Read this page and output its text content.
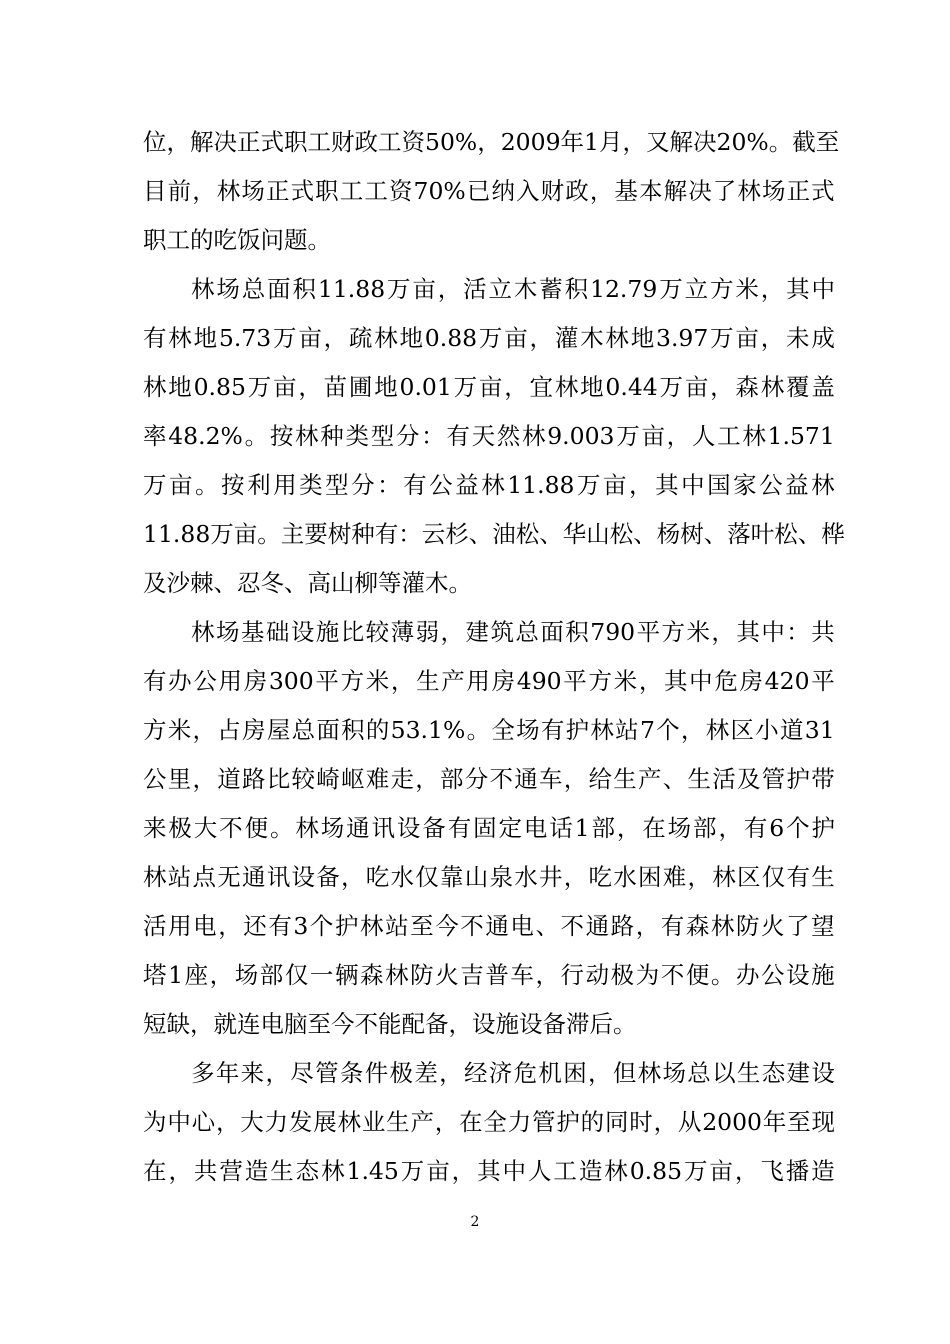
位 ， 解 决 正 式 职 工 财 政 工 资 50% ， 2009 年 1 月 ， 又 解 决 20% 。 截 至
目 前 ， 林 场 正 式 职 工 工 资 70% 已 纳 入 财 政 ， 基 本 解 决 了 林 场 正 式
职工的吃饭问题。
林 场 总 面 积 11.88 万 亩 ， 活 立 木 蓄 积 12.79 万 立 方 米 ， 其 中
有 林 地 5.73 万 亩 ， 疏 林 地 0.88 万 亩 ， 灌 木 林 地 3.97 万 亩 ， 未 成
林 地 0.85 万 亩 ， 苗 圃 地 0.01 万 亩 ， 宜 林 地 0.44 万 亩 ， 森 林 覆 盖
率 48.2% 。 按 林 种 类 型 分 ： 有 天 然 林 9.003 万 亩 ， 人 工 林 1.571
万 亩 。 按 利 用 类 型 分 ： 有 公 益 林 11.88 万 亩 ， 其 中 国 家 公 益 林
11.88 万 亩 。 主 要 树 种 有 ： 云 杉 、 油 松 、 华 山 松 、 杨 树 、 落 叶 松 、 桦
及沙棘、忍冬、高山柳等灌木。
林 场 基 础 设 施 比 较 薄 弱 ， 建 筑 总 面 积 790 平 方 米 ， 其 中 ： 共
有 办 公 用 房 300 平 方 米 ， 生 产 用 房 490 平 方 米 ， 其 中 危 房 420 平
方 米 ， 占 房 屋 总 面 积 的 53.1% 。 全 场 有 护 林 站 7 个 ， 林 区 小 道 31
公 里 ， 道 路 比 较 崎 岖 难 走 ， 部 分 不 通 车 ， 给 生 产 、 生 活 及 管 护 带
来 极 大 不 便 。 林 场 通 讯 设 备 有 固 定 电 话 1 部 ， 在 场 部 ， 有 6 个 护
林 站 点 无 通 讯 设 备 ， 吃 水 仅 靠 山 泉 水 井 ， 吃 水 困 难 ， 林 区 仅 有 生
活 用 电 ， 还 有 3 个 护 林 站 至 今 不 通 电 、 不 通 路 ， 有 森 林 防 火 了 望
塔 1 座 ， 场 部 仅 一 辆 森 林 防 火 吉 普 车 ， 行 动 极 为 不 便 。 办 公 设 施
短缺，就连电脑至今不能配备，设施设备滞后。
多 年 来 ， 尽 管 条 件 极 差 ， 经 济 危 机 困 ， 但 林 场 总 以 生 态 建 设
为 中 心 ， 大 力 发 展 林 业 生 产 ， 在 全 力 管 护 的 同 时 ， 从 2000 年 至 现
在 ， 共 营 造 生 态 林 1.45 万 亩 ， 其 中 人 工 造 林 0.85 万 亩 ， 飞 播 造
2
